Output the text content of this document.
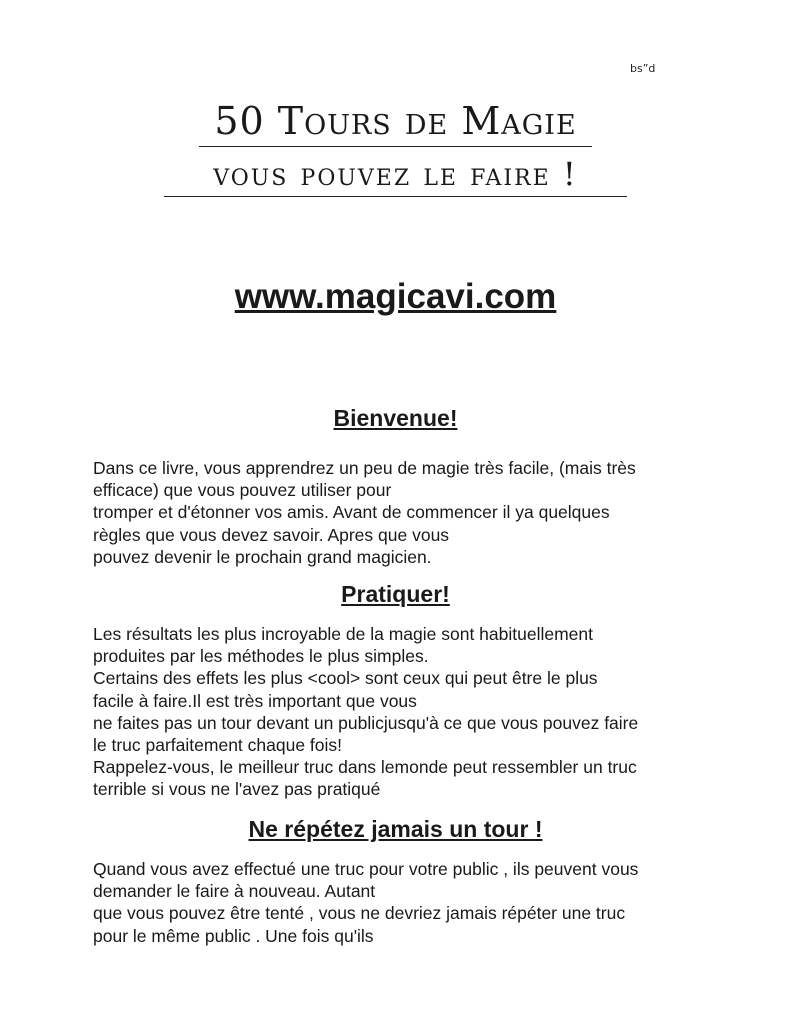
bs”d
50 Tours de Magie
vous pouvez le faire !
www.magicavi.com
Bienvenue!
Dans ce livre, vous apprendrez un peu de magie très facile, (mais très
efficace) que vous pouvez utiliser pour
tromper et d'étonner vos amis. Avant de commencer il ya quelques
règles que vous devez savoir. Apres que vous
pouvez devenir le prochain grand magicien.
Pratiquer!
Les résultats les plus incroyable de la magie sont habituellement
produites par les méthodes le plus simples.
Certains des effets les plus <cool> sont ceux qui peut être le plus
facile à faire.Il est très important que vous
ne faites pas un tour devant un publicjusqu'à ce que vous pouvez faire
le truc parfaitement chaque fois!
Rappelez-vous, le meilleur truc dans lemonde peut ressembler un truc
terrible si vous ne l'avez pas pratiqué
Ne répétez jamais un tour !
Quand vous avez effectué une truc pour votre public , ils peuvent vous
demander le faire à nouveau. Autant
que vous pouvez être tenté , vous ne devriez jamais répéter une truc
pour le même public . Une fois qu'ils
